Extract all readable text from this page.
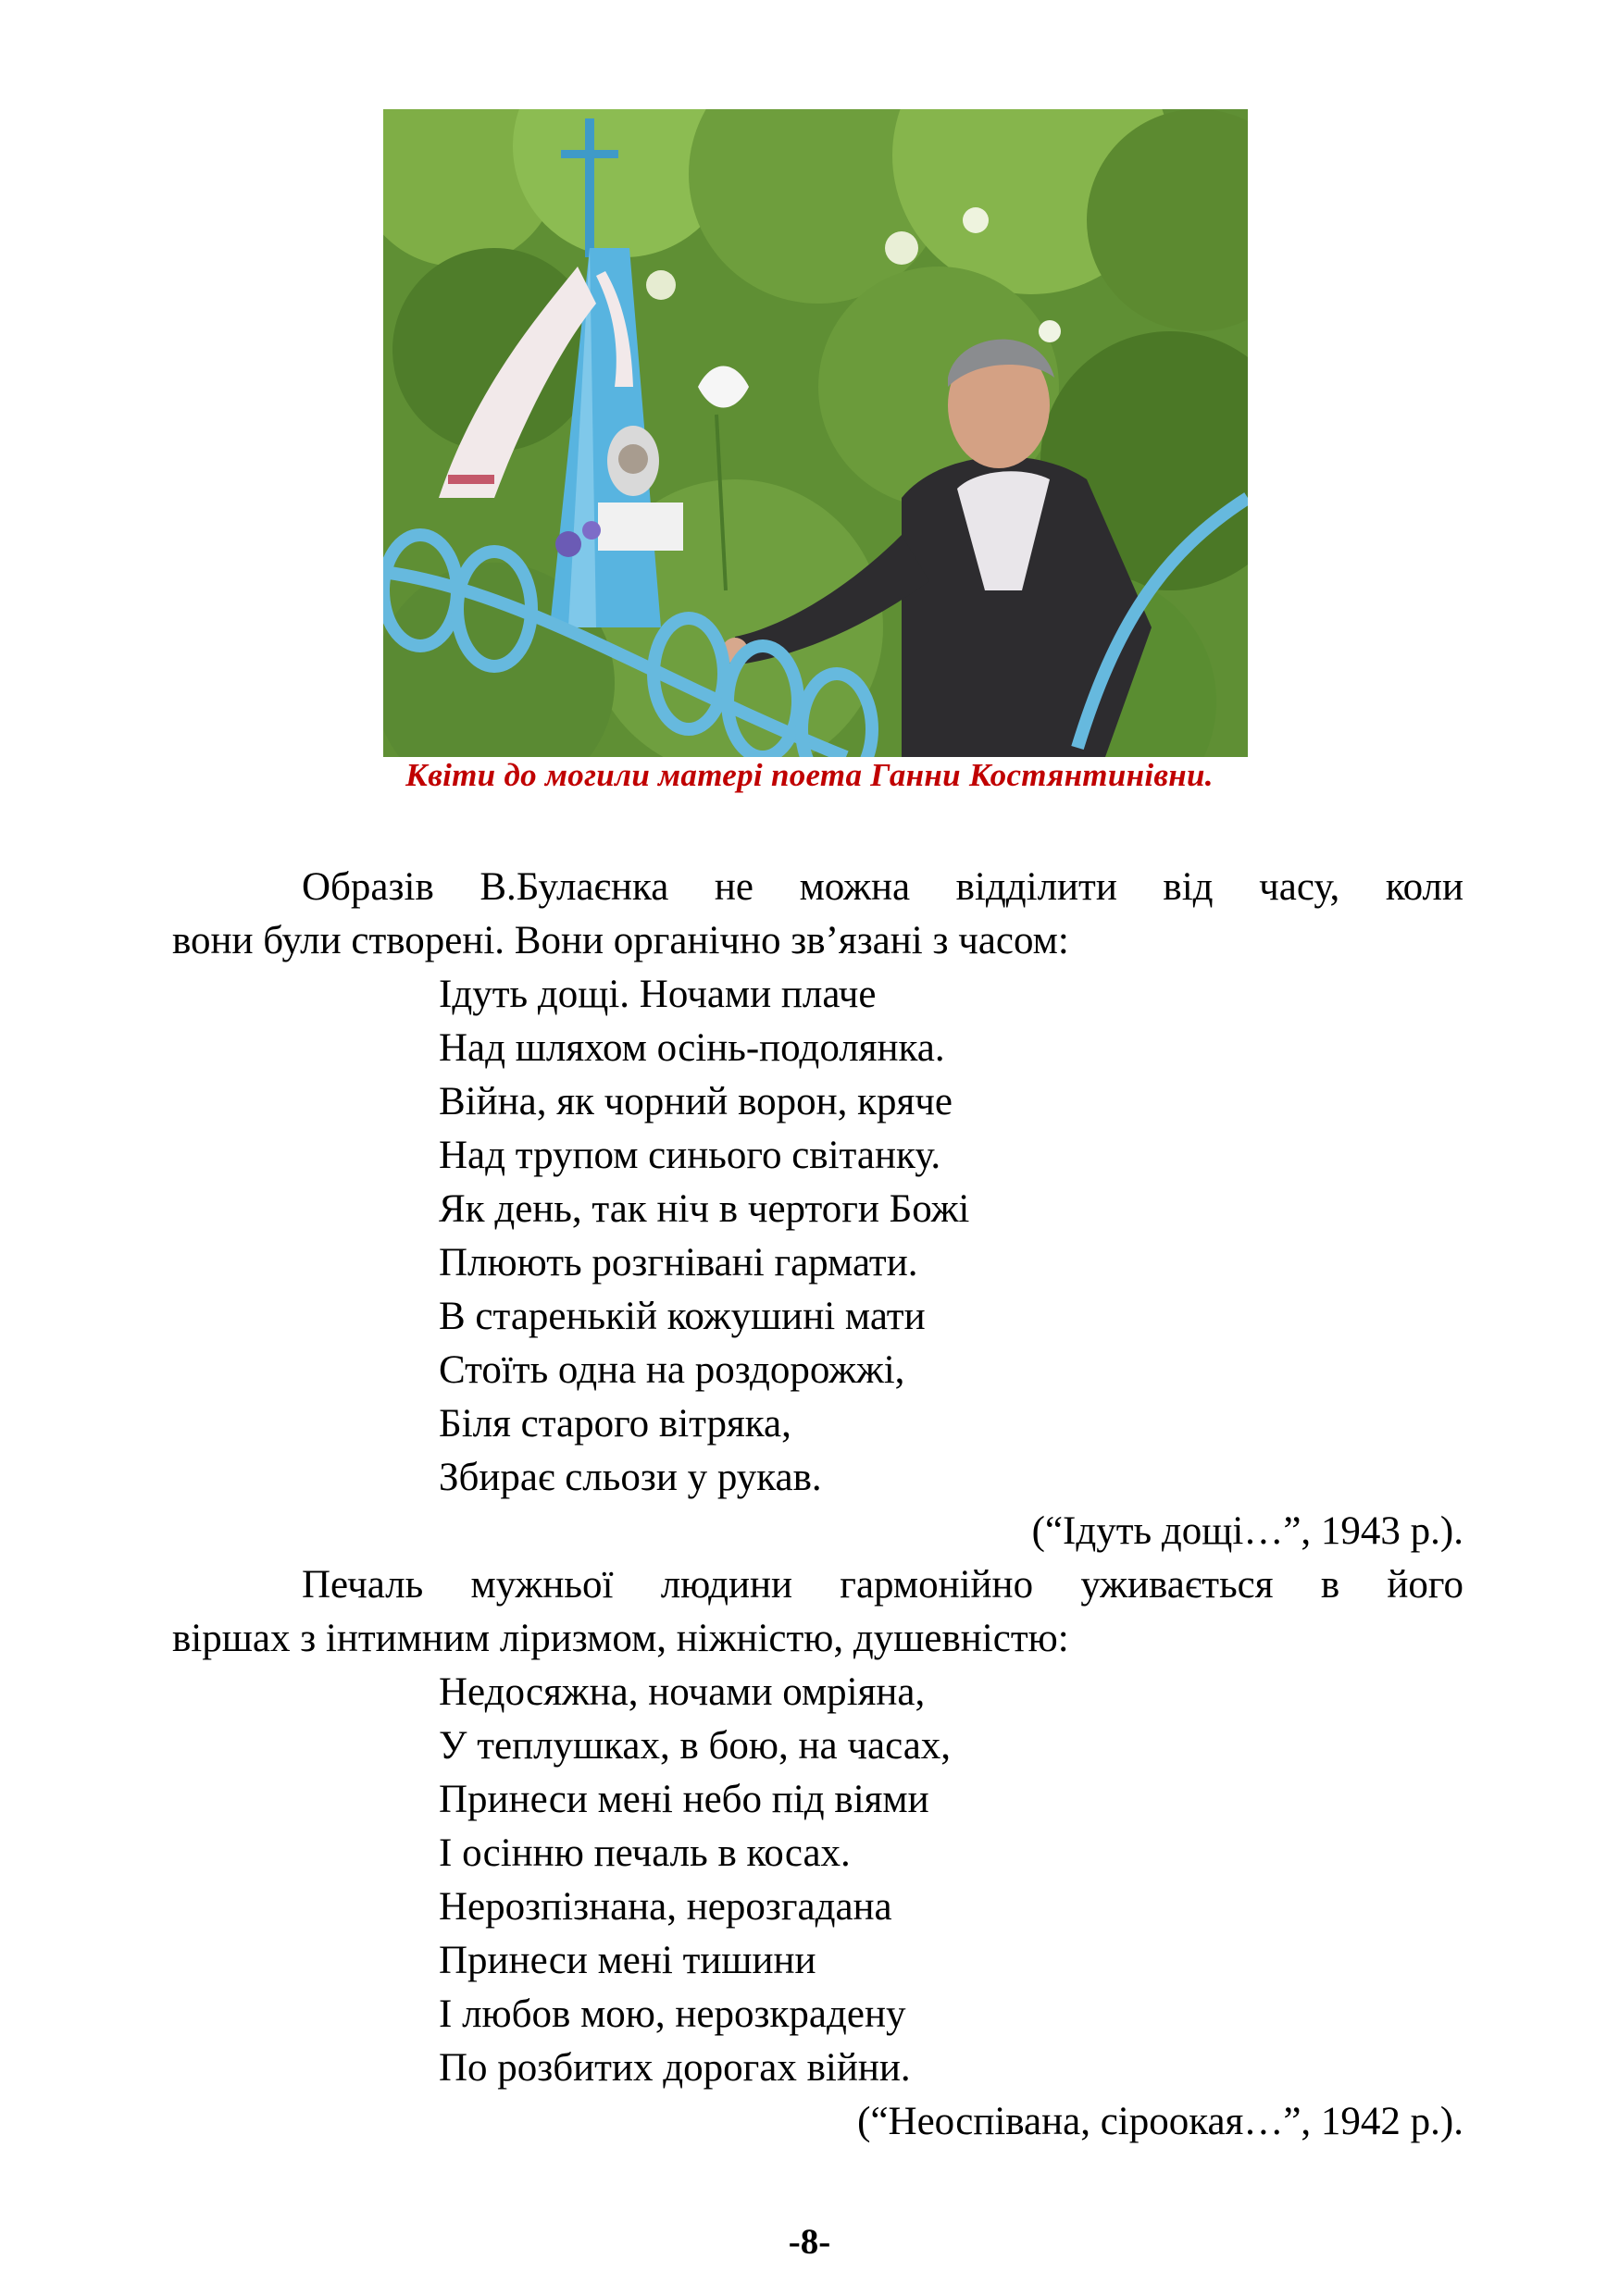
Квіти до могили матері поета Ганни Костянтинівни.
Образів В.Булаєнка не можна відділити від часу, коли
вони були створені. Вони органічно зв’язані з часом:
Ідуть дощі. Ночами плаче
Над шляхом осінь-подолянка.
Війна, як чорний ворон, кряче
Над трупом синього світанку.
Як день, так ніч в чертоги Божі
Плюють розгнівані гармати.
В старенькій кожушині мати
Стоїть одна на роздорожжі,
Біля старого вітряка,
Збирає сльози у рукав.
(“Ідуть дощі…”, 1943 р.).
Печаль мужньої людини гармонійно уживається в його
віршах з інтимним ліризмом, ніжністю, душевністю:
Недосяжна, ночами омріяна,
У теплушках, в бою, на часах,
Принеси мені небо під віями
І осінню печаль в косах.
Нерозпізнана, нерозгадана
Принеси мені тишини
І любов мою, нерозкрадену
По розбитих дорогах війни.
(“Неоспівана, сіроокая…”, 1942 р.).
-8-
